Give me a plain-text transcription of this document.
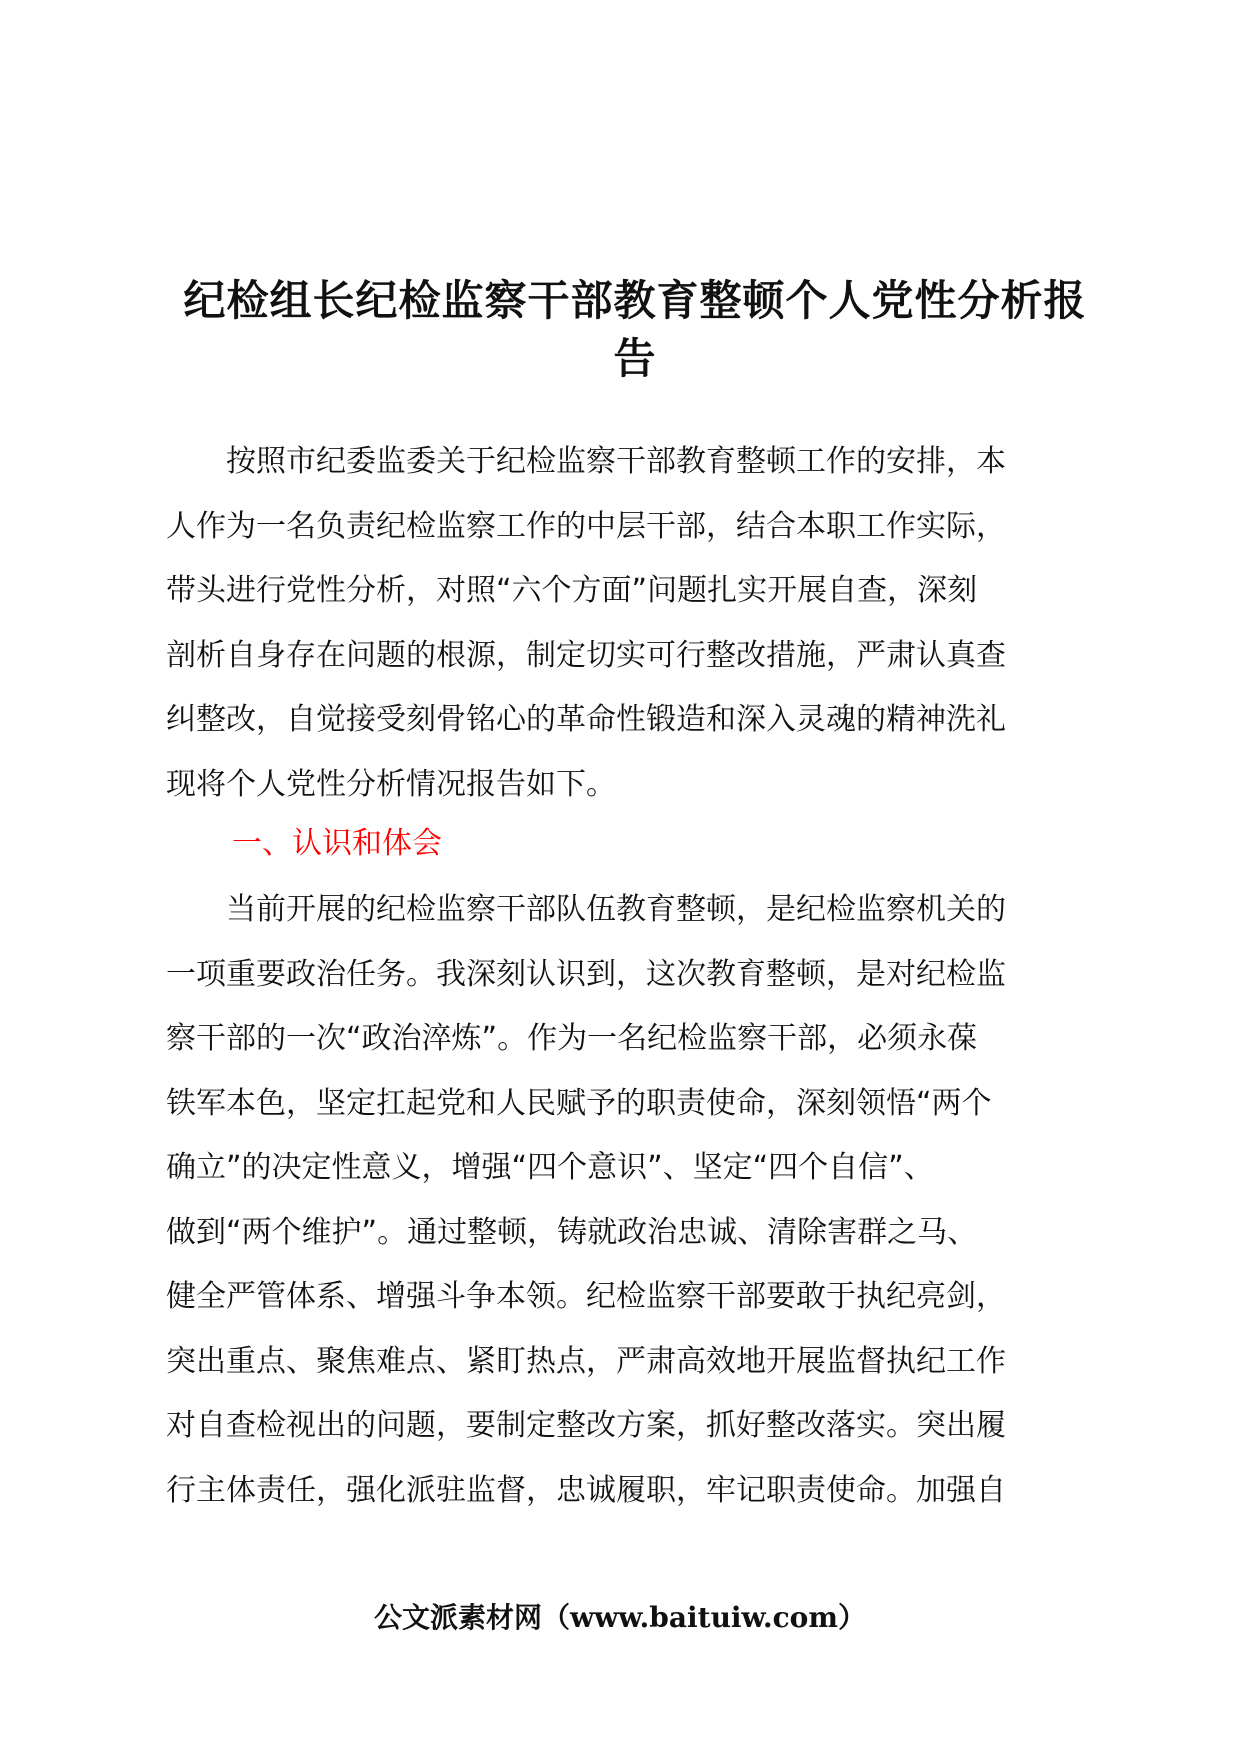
纪检组长纪检监察干部教育整顿个人党性分析报
告
　　按照市纪委监委关于纪检监察干部教育整顿工作的安排，本
人作为一名负责纪检监察工作的中层干部，结合本职工作实际，
带头进行党性分析，对照“六个方面”问题扎实开展自查，深刻
剖析自身存在问题的根源，制定切实可行整改措施，严肃认真查
纠整改，自觉接受刻骨铭心的革命性锻造和深入灵魂的精神洗礼
现将个人党性分析情况报告如下。
一、认识和体会
　　当前开展的纪检监察干部队伍教育整顿，是纪检监察机关的
一项重要政治任务。我深刻认识到，这次教育整顿，是对纪检监
察干部的一次“政治淬炼”。作为一名纪检监察干部，必须永葆
铁军本色，坚定扛起党和人民赋予的职责使命，深刻领悟“两个
确立”的决定性意义，增强“四个意识”、坚定“四个自信”、
做到“两个维护”。通过整顿，铸就政治忠诚、清除害群之马、
健全严管体系、增强斗争本领。纪检监察干部要敢于执纪亮剑，
突出重点、聚焦难点、紧盯热点，严肃高效地开展监督执纪工作
对自查检视出的问题，要制定整改方案，抓好整改落实。突出履
行主体责任，强化派驻监督，忠诚履职，牢记职责使命。加强自
公文派素材网（www.baituiw.com）
